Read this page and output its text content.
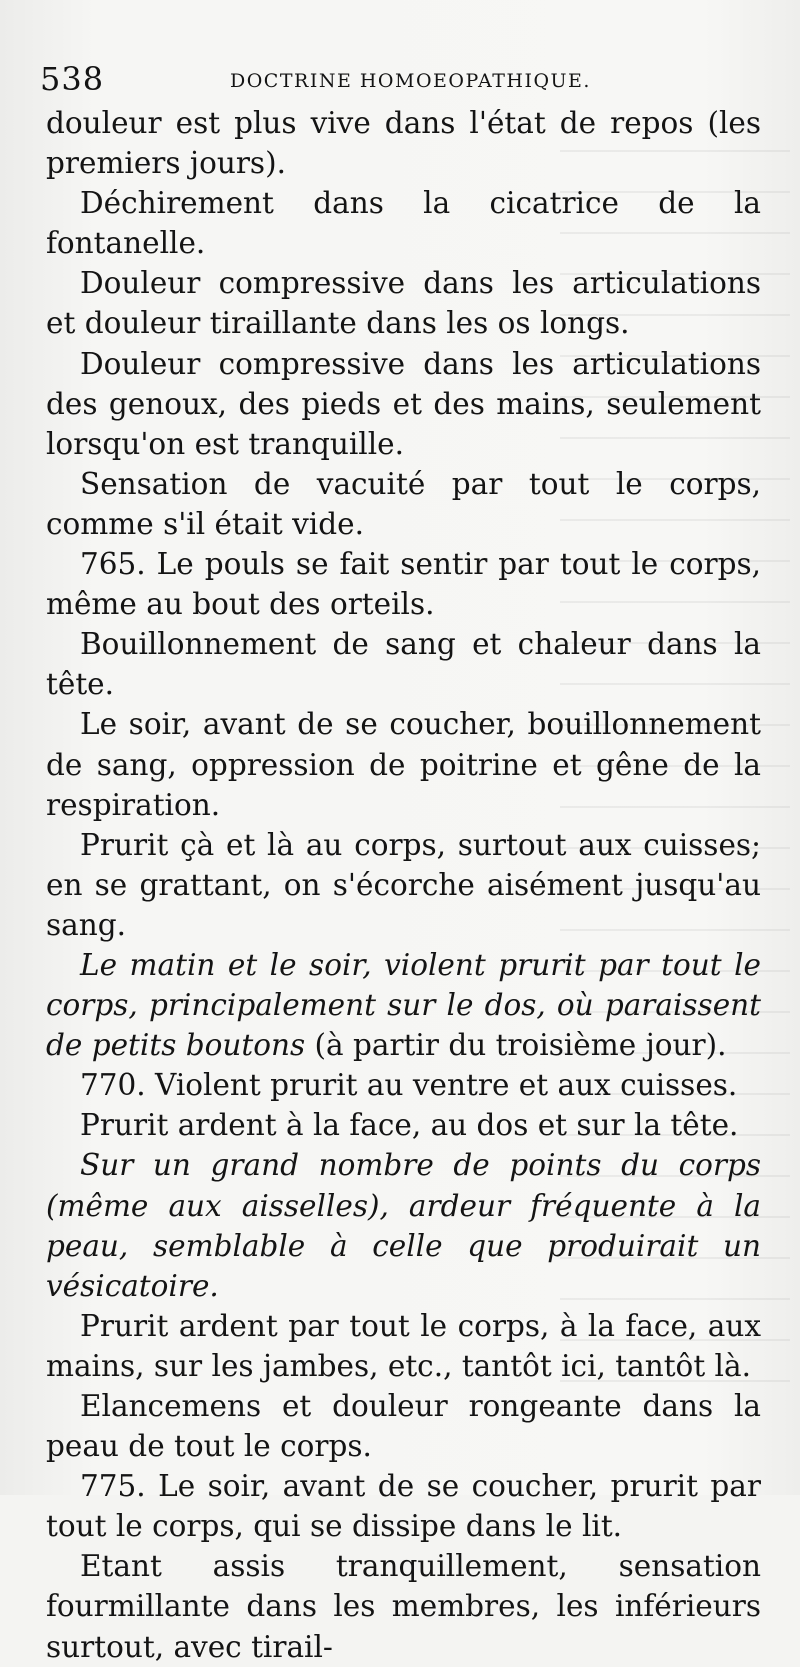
538	DOCTRINE HOMOEOPATHIQUE.

douleur est plus vive dans l'état de repos (les premiers jours).

Déchirement dans la cicatrice de la fontanelle.

Douleur compressive dans les articulations et douleur tiraillante dans les os longs.

Douleur compressive dans les articulations des genoux, des pieds et des mains, seulement lorsqu'on est tranquille.

Sensation de vacuité par tout le corps, comme s'il était vide.

765. Le pouls se fait sentir par tout le corps, même au bout des orteils.

Bouillonnement de sang et chaleur dans la tête.

Le soir, avant de se coucher, bouillonnement de sang, oppression de poitrine et gêne de la respiration.

Prurit çà et là au corps, surtout aux cuisses; en se grattant, on s'écorche aisément jusqu'au sang.

Le matin et le soir, violent prurit par tout le corps, principalement sur le dos, où paraissent de petits boutons (à partir du troisième jour).

770. Violent prurit au ventre et aux cuisses.

Prurit ardent à la face, au dos et sur la tête.

Sur un grand nombre de points du corps (même aux aisselles), ardeur fréquente à la peau, semblable à celle que produirait un vésicatoire.

Prurit ardent par tout le corps, à la face, aux mains, sur les jambes, etc., tantôt ici, tantôt là.

Elancemens et douleur rongeante dans la peau de tout le corps.

775. Le soir, avant de se coucher, prurit par tout le corps, qui se dissipe dans le lit.

Etant assis tranquillement, sensation fourmillante dans les membres, les inférieurs surtout, avec tirail-
